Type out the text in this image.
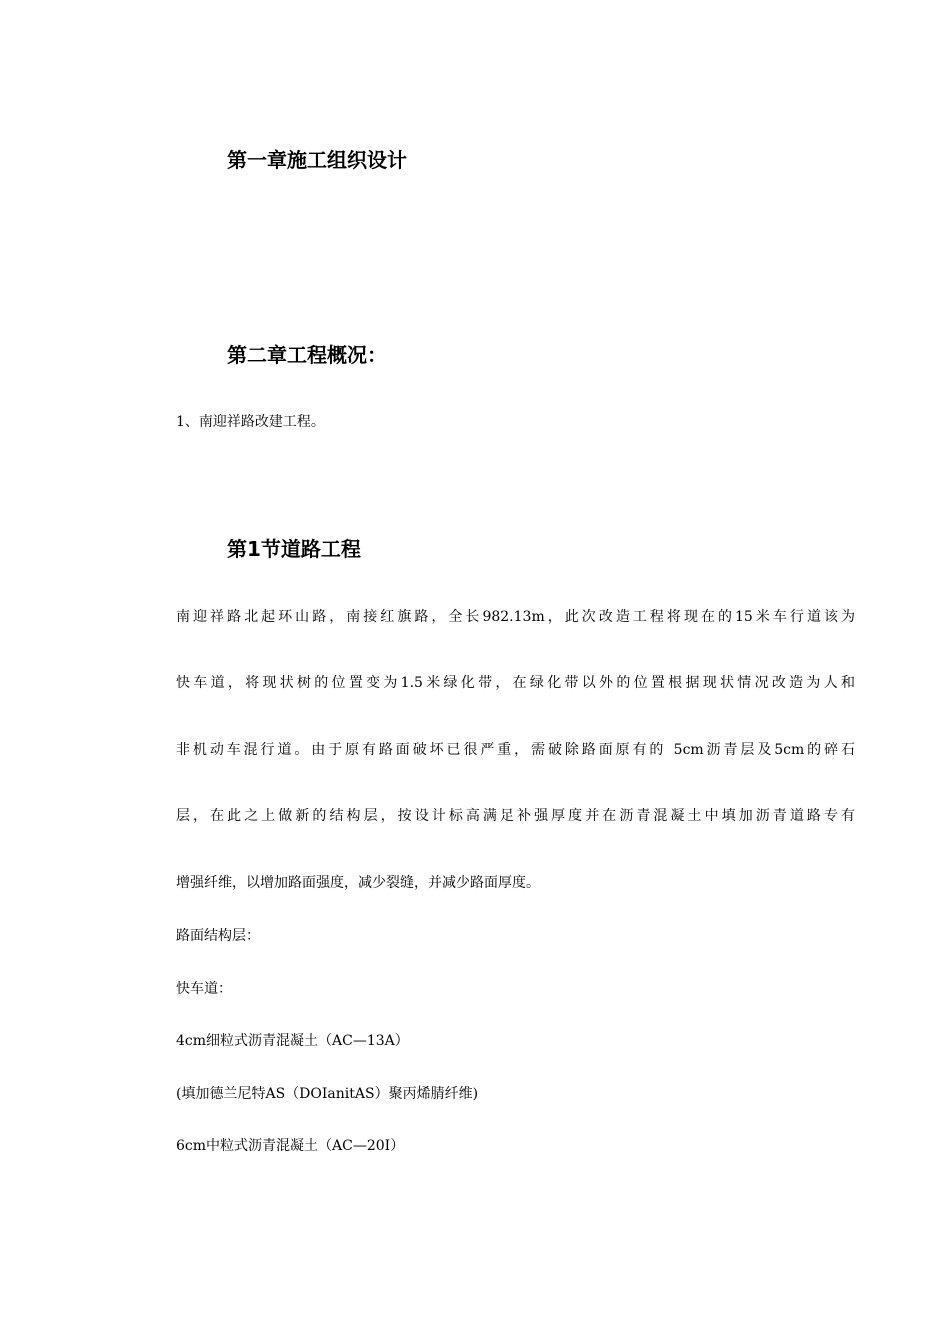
第一章施工组织设计
第二章工程概况：
1、南迎祥路改建工程。
第1节道路工程
南迎祥路北起环山路，南接红旗路，全长982.13m，此次改造工程将现在的15米车行道该为
快车道，将现状树的位置变为1.5米绿化带，在绿化带以外的位置根据现状情况改造为人和
非机动车混行道。由于原有路面破坏已很严重，需破除路面原有的 5cm沥青层及5cm的碎石
层，在此之上做新的结构层，按设计标高满足补强厚度并在沥青混凝土中填加沥青道路专有
增强纤维，以增加路面强度，减少裂缝，并减少路面厚度。
路面结构层：
快车道：
4cm细粒式沥青混凝土（AC—13A）
(填加德兰尼特AS（DOIanitAS）聚丙烯腈纤维)
6cm中粒式沥青混凝土（AC—20I）
